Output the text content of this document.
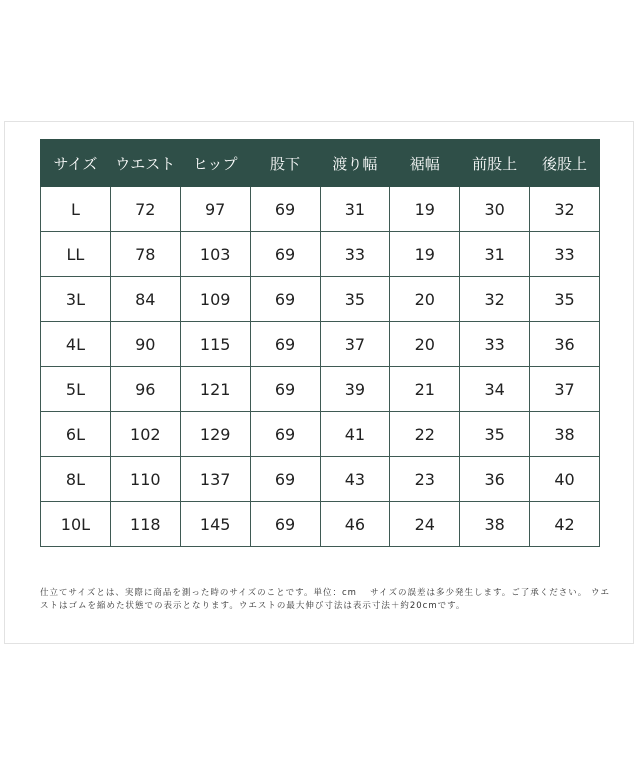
サイズ	ウエスト	ヒップ	股下	渡り幅	裾幅	前股上	後股上
L	72	97	69	31	19	30	32
LL	78	103	69	33	19	31	33
3L	84	109	69	35	20	32	35
4L	90	115	69	37	20	33	36
5L	96	121	69	39	21	34	37
6L	102	129	69	41	22	35	38
8L	110	137	69	43	23	36	40
10L	118	145	69	46	24	38	42

仕立てサイズとは、実際に商品を測った時のサイズのことです。単位：cm　 サイズの誤差は多少発生します。ご了承ください。 ウエストはゴムを縮めた状態での表示となります。ウエストの最大伸び寸法は表示寸法＋約20cmです。
